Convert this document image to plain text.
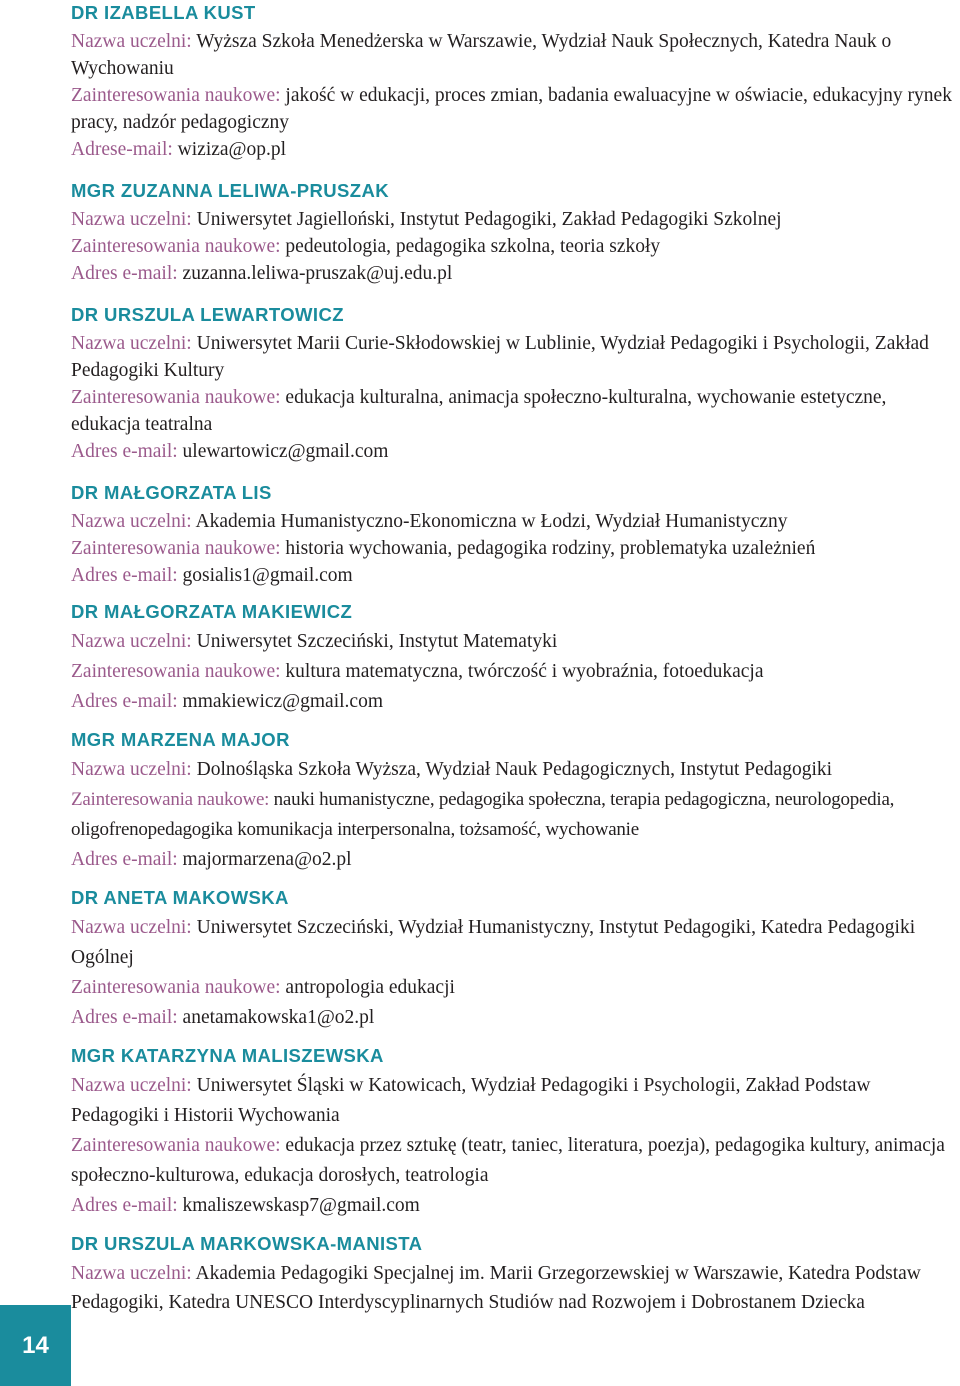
DR IZABELLA KUST

Nazwa uczelni: Wyższa Szkoła Menedżerska w Warszawie, Wydział Nauk Społecznych, Katedra Nauk o Wychowaniu

Zainteresowania naukowe: jakość w edukacji, proces zmian, badania ewaluacyjne w oświacie, edukacyjny rynek pracy, nadzór pedagogiczny

Adrese-mail: wiziza@op.pl

MGR ZUZANNA LELIWA-PRUSZAK

Nazwa uczelni: Uniwersytet Jagielloński, Instytut Pedagogiki, Zakład Pedagogiki Szkolnej

Zainteresowania naukowe: pedeutologia, pedagogika szkolna, teoria szkoły

Adres e-mail: zuzanna.leliwa-pruszak@uj.edu.pl

DR URSZULA LEWARTOWICZ

Nazwa uczelni: Uniwersytet Marii Curie-Skłodowskiej w Lublinie, Wydział Pedagogiki i Psychologii, Zakład Pedagogiki Kultury

Zainteresowania naukowe: edukacja kulturalna, animacja społeczno-kulturalna, wychowanie estetyczne, edukacja teatralna

Adres e-mail: ulewartowicz@gmail.com

DR MAŁGORZATA LIS

Nazwa uczelni: Akademia Humanistyczno-Ekonomiczna w Łodzi, Wydział Humanistyczny

Zainteresowania naukowe: historia wychowania, pedagogika rodziny, problematyka uzależnień

Adres e-mail: gosialis1@gmail.com

DR MAŁGORZATA MAKIEWICZ

Nazwa uczelni: Uniwersytet Szczeciński, Instytut Matematyki

Zainteresowania naukowe: kultura matematyczna, twórczość i wyobraźnia, fotoedukacja

Adres e-mail: mmakiewicz@gmail.com

MGR MARZENA MAJOR

Nazwa uczelni: Dolnośląska Szkoła Wyższa, Wydział Nauk Pedagogicznych, Instytut Pedagogiki

Zainteresowania naukowe: nauki humanistyczne, pedagogika społeczna, terapia pedagogiczna, neurologopedia, oligofrenopedagogika komunikacja interpersonalna, tożsamość, wychowanie

Adres e-mail: majormarzena@o2.pl

DR ANETA MAKOWSKA

Nazwa uczelni: Uniwersytet Szczeciński, Wydział Humanistyczny, Instytut Pedagogiki, Katedra Pedagogiki Ogólnej

Zainteresowania naukowe: antropologia edukacji

Adres e-mail: anetamakowska1@o2.pl

MGR KATARZYNA MALISZEWSKA

Nazwa uczelni: Uniwersytet Śląski w Katowicach, Wydział Pedagogiki i Psychologii, Zakład Podstaw Pedagogiki i Historii Wychowania

Zainteresowania naukowe: edukacja przez sztukę (teatr, taniec, literatura, poezja), pedagogika kultury, animacja społeczno-kulturowa, edukacja dorosłych, teatrologia

Adres e-mail: kmaliszewskasp7@gmail.com

DR URSZULA MARKOWSKA-MANISTA

Nazwa uczelni: Akademia Pedagogiki Specjalnej im. Marii Grzegorzewskiej w Warszawie, Katedra Podstaw Pedagogiki, Katedra UNESCO Interdyscyplinarnych Studiów nad Rozwojem i Dobrostanem Dziecka

14
